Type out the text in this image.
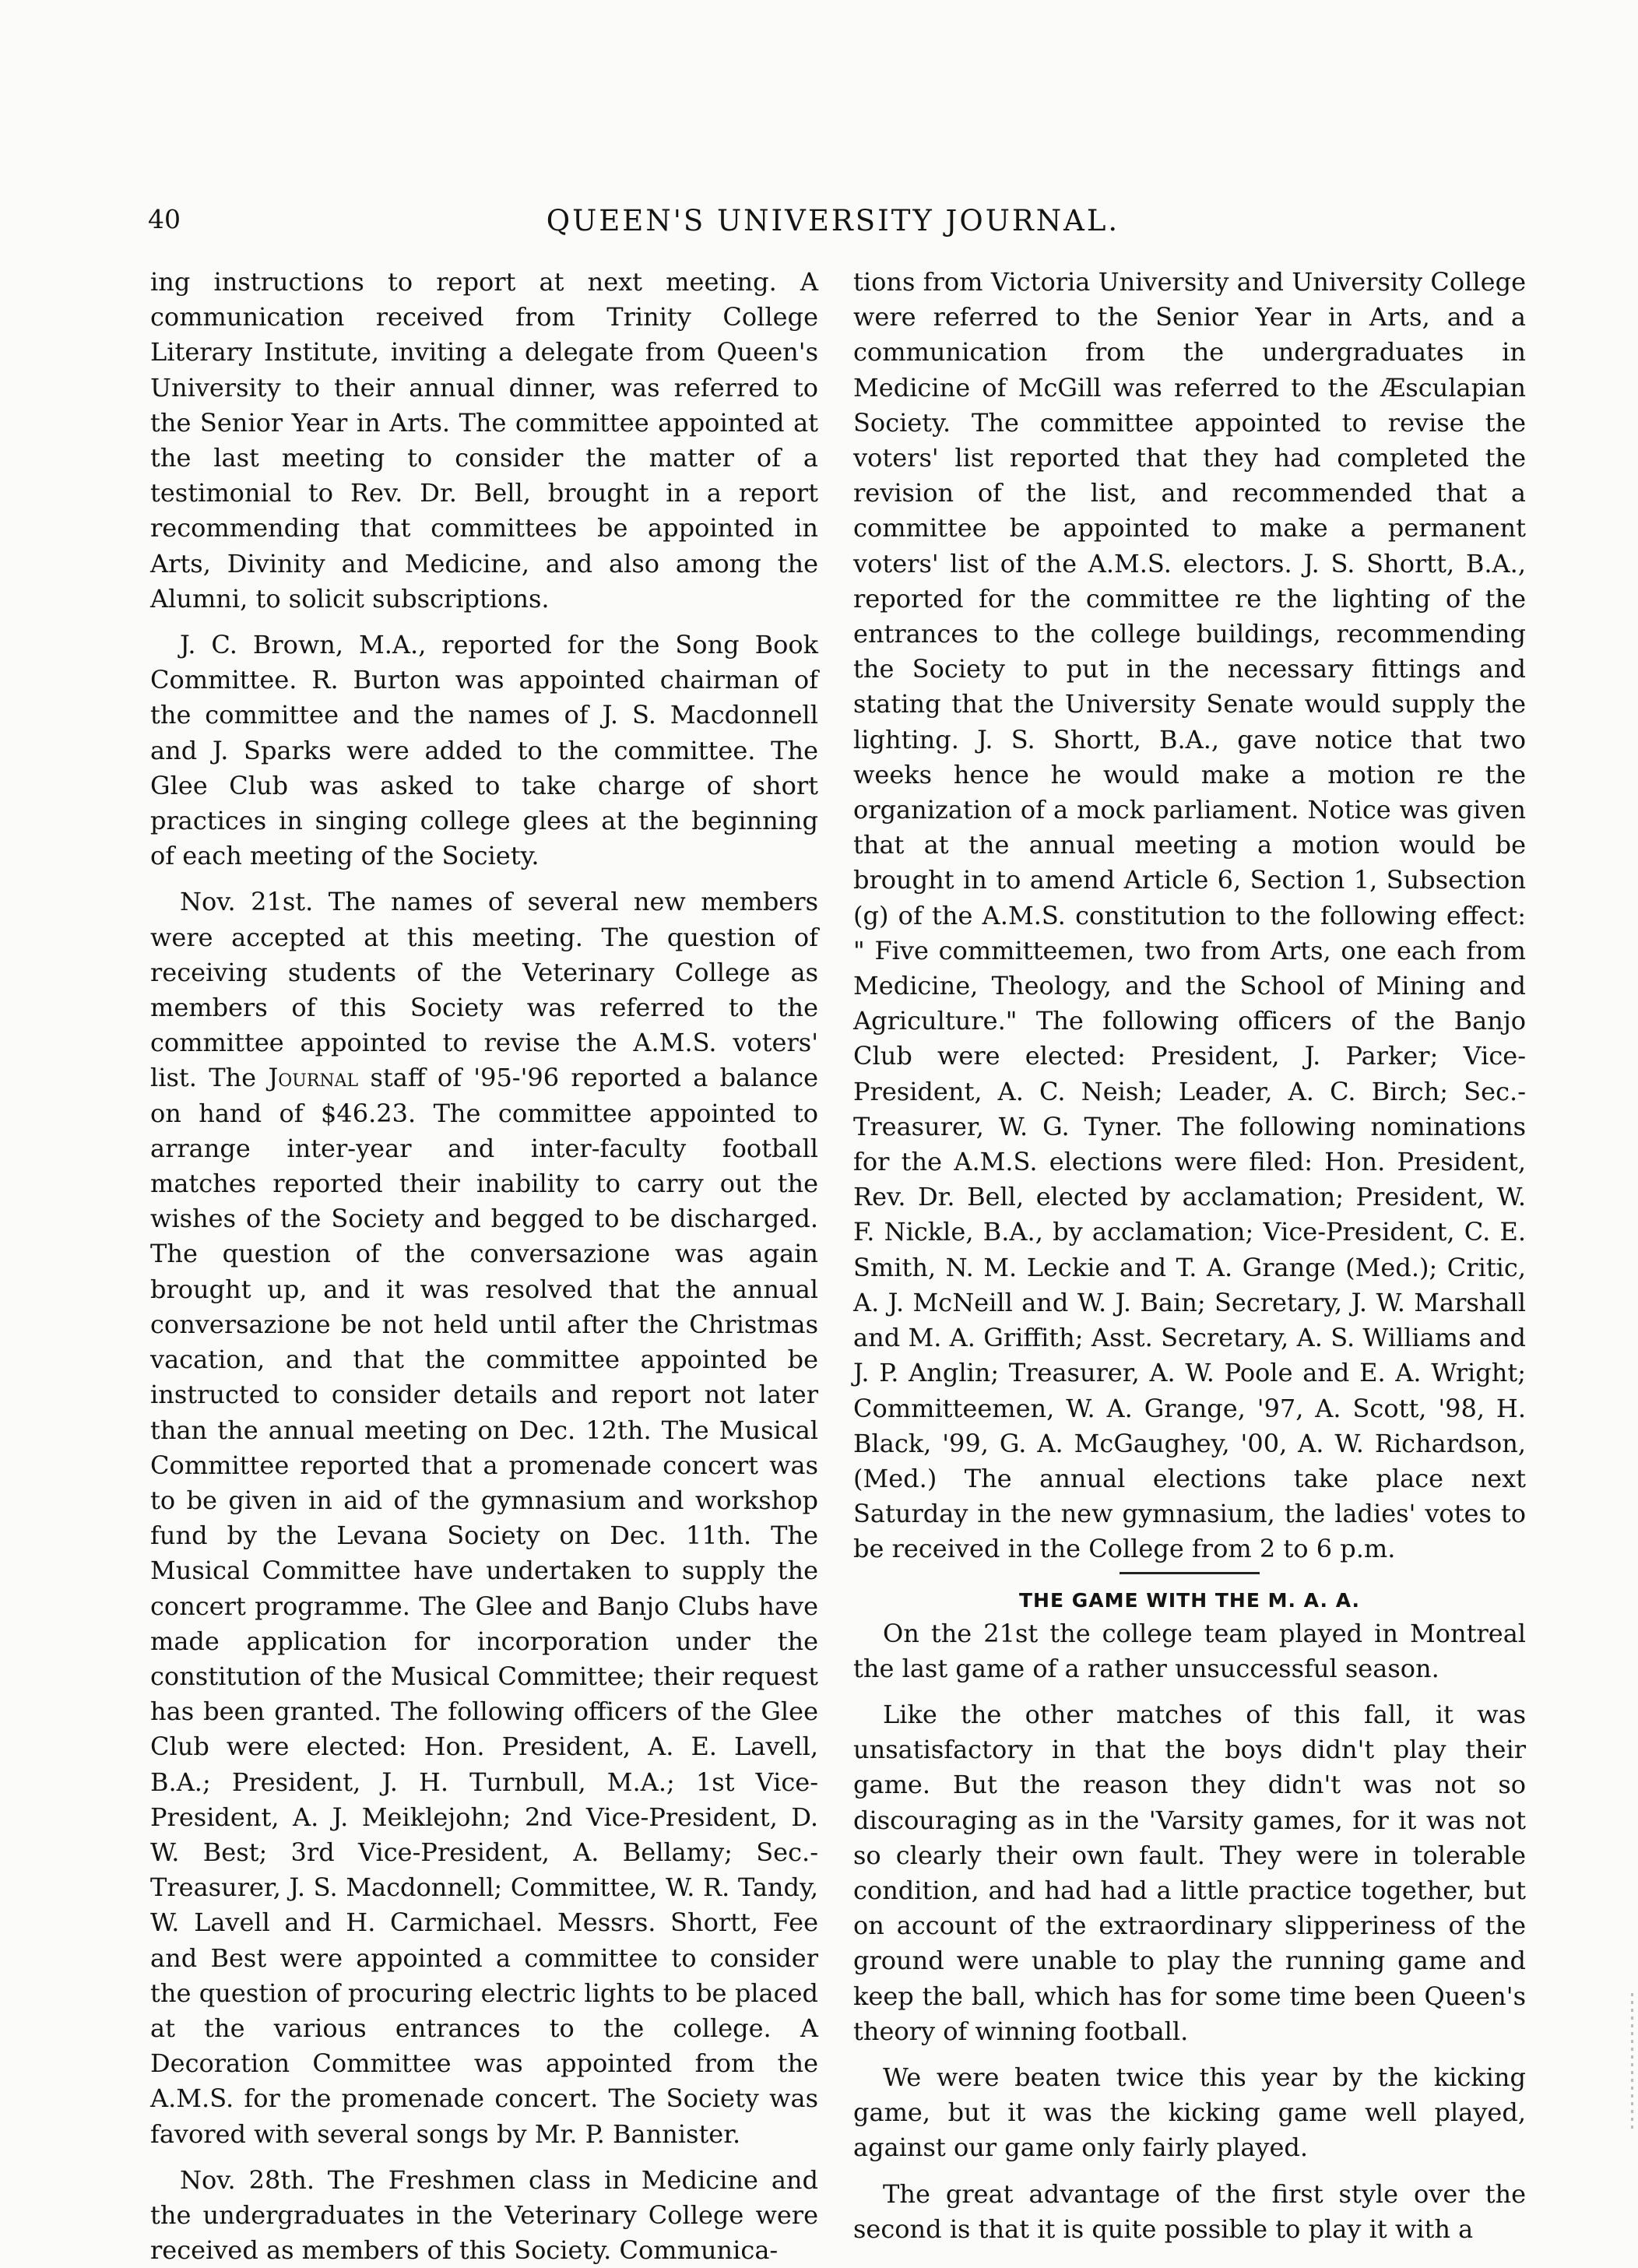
40	QUEEN'S UNIVERSITY JOURNAL.

ing instructions to report at next meeting. A communication received from Trinity College Literary Institute, inviting a delegate from Queen's University to their annual dinner, was referred to the Senior Year in Arts. The committee appointed at the last meeting to consider the matter of a testimonial to Rev. Dr. Bell, brought in a report recommending that committees be appointed in Arts, Divinity and Medicine, and also among the Alumni, to solicit subscriptions.

J. C. Brown, M.A., reported for the Song Book Committee. R. Burton was appointed chairman of the committee and the names of J. S. Macdonnell and J. Sparks were added to the committee. The Glee Club was asked to take charge of short practices in singing college glees at the beginning of each meeting of the Society.

Nov. 21st. The names of several new members were accepted at this meeting. The question of receiving students of the Veterinary College as members of this Society was referred to the committee appointed to revise the A.M.S. voters' list. The Journal staff of '95-'96 reported a balance on hand of $46.23. The committee appointed to arrange inter-year and inter-faculty football matches reported their inability to carry out the wishes of the Society and begged to be discharged. The question of the conversazione was again brought up, and it was resolved that the annual conversazione be not held until after the Christmas vacation, and that the committee appointed be instructed to consider details and report not later than the annual meeting on Dec. 12th. The Musical Committee reported that a promenade concert was to be given in aid of the gymnasium and workshop fund by the Levana Society on Dec. 11th. The Musical Committee have undertaken to supply the concert programme. The Glee and Banjo Clubs have made application for incorporation under the constitution of the Musical Committee; their request has been granted. The following officers of the Glee Club were elected: Hon. President, A. E. Lavell, B.A.; President, J. H. Turnbull, M.A.; 1st Vice-President, A. J. Meiklejohn; 2nd Vice-President, D. W. Best; 3rd Vice-President, A. Bellamy; Sec.-Treasurer, J. S. Macdonnell; Committee, W. R. Tandy, W. Lavell and H. Carmichael. Messrs. Shortt, Fee and Best were appointed a committee to consider the question of procuring electric lights to be placed at the various entrances to the college. A Decoration Committee was appointed from the A.M.S. for the promenade concert. The Society was favored with several songs by Mr. P. Bannister.

Nov. 28th. The Freshmen class in Medicine and the undergraduates in the Veterinary College were received as members of this Society. Communica-

tions from Victoria University and University College were referred to the Senior Year in Arts, and a communication from the undergraduates in Medicine of McGill was referred to the Æsculapian Society. The committee appointed to revise the voters' list reported that they had completed the revision of the list, and recommended that a committee be appointed to make a permanent voters' list of the A.M.S. electors. J. S. Shortt, B.A., reported for the committee re the lighting of the entrances to the college buildings, recommending the Society to put in the necessary fittings and stating that the University Senate would supply the lighting. J. S. Shortt, B.A., gave notice that two weeks hence he would make a motion re the organization of a mock parliament. Notice was given that at the annual meeting a motion would be brought in to amend Article 6, Section 1, Subsection (g) of the A.M.S. constitution to the following effect: " Five committeemen, two from Arts, one each from Medicine, Theology, and the School of Mining and Agriculture." The following officers of the Banjo Club were elected: President, J. Parker; Vice-President, A. C. Neish; Leader, A. C. Birch; Sec.-Treasurer, W. G. Tyner. The following nominations for the A.M.S. elections were filed: Hon. President, Rev. Dr. Bell, elected by acclamation; President, W. F. Nickle, B.A., by acclamation; Vice-President, C. E. Smith, N. M. Leckie and T. A. Grange (Med.); Critic, A. J. McNeill and W. J. Bain; Secretary, J. W. Marshall and M. A. Griffith; Asst. Secretary, A. S. Williams and J. P. Anglin; Treasurer, A. W. Poole and E. A. Wright; Committeemen, W. A. Grange, '97, A. Scott, '98, H. Black, '99, G. A. McGaughey, '00, A. W. Richardson, (Med.) The annual elections take place next Saturday in the new gymnasium, the ladies' votes to be received in the College from 2 to 6 p.m.

THE GAME WITH THE M. A. A.

On the 21st the college team played in Montreal the last game of a rather unsuccessful season.

Like the other matches of this fall, it was unsatisfactory in that the boys didn't play their game. But the reason they didn't was not so discouraging as in the 'Varsity games, for it was not so clearly their own fault. They were in tolerable condition, and had had a little practice together, but on account of the extraordinary slipperiness of the ground were unable to play the running game and keep the ball, which has for some time been Queen's theory of winning football.

We were beaten twice this year by the kicking game, but it was the kicking game well played, against our game only fairly played.

The great advantage of the first style over the second is that it is quite possible to play it with a
